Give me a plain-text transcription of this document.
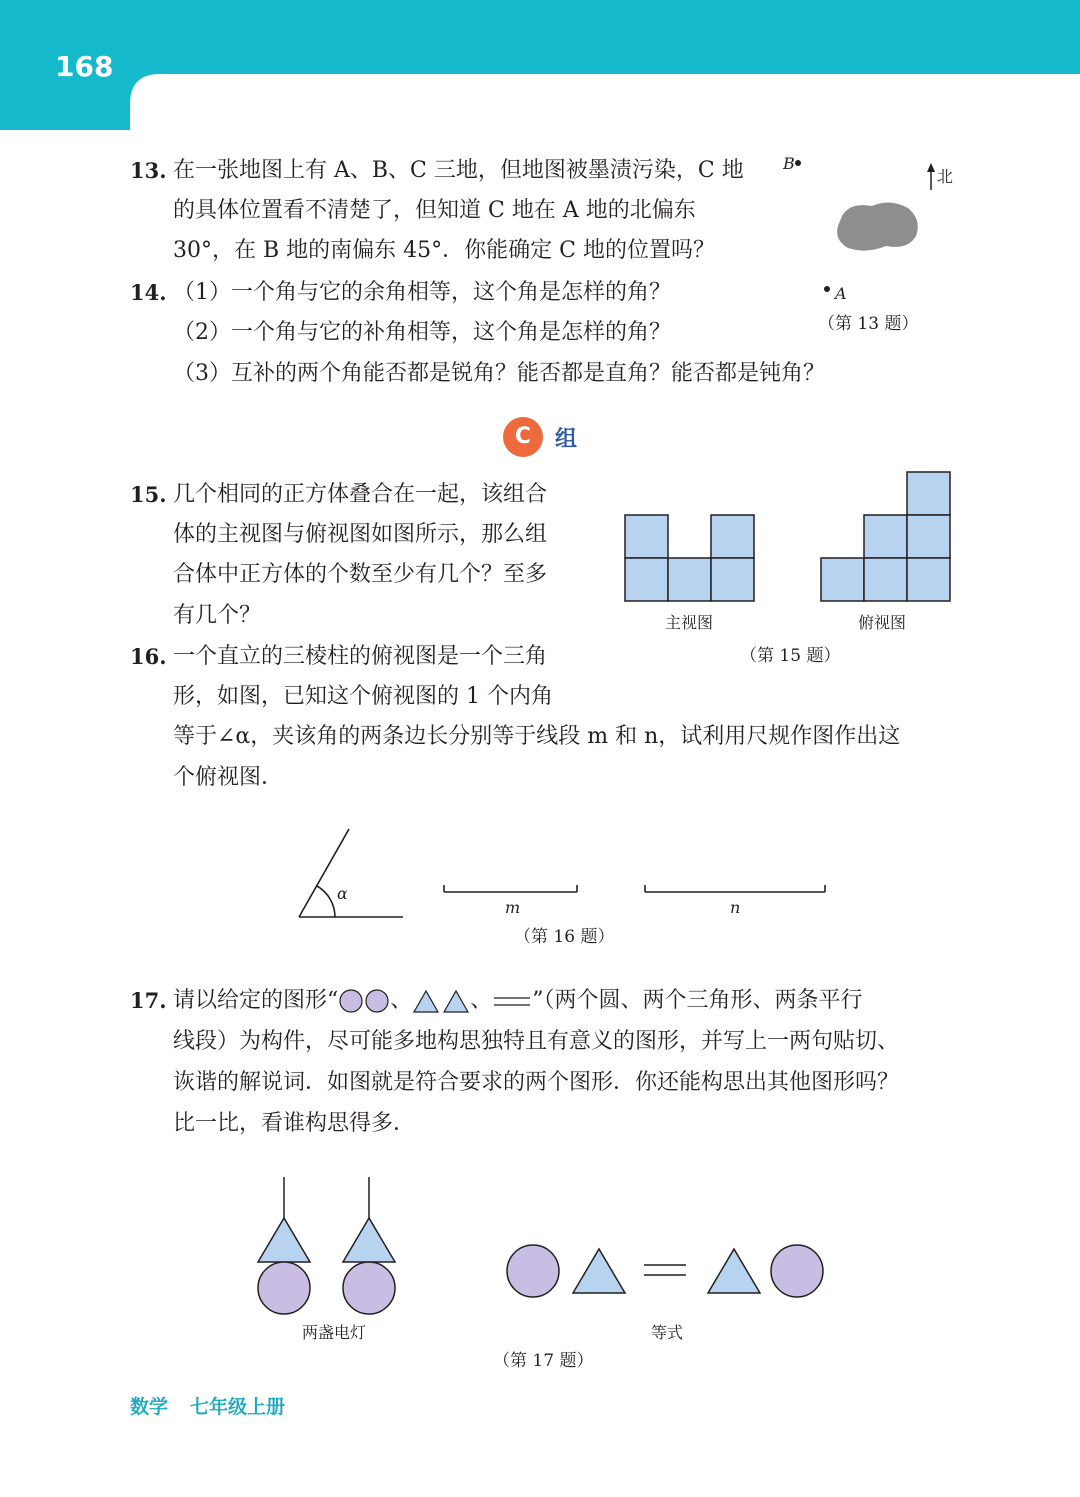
168
13. 在一张地图上有 A、B、C 三地，但地图被墨渍污染，C 地
的具体位置看不清楚了，但知道 C 地在 A 地的北偏东
30°，在 B 地的南偏东 45°．你能确定 C 地的位置吗？
B
北
A
（第 13 题）
14. （1）一个角与它的余角相等，这个角是怎样的角？
（2）一个角与它的补角相等，这个角是怎样的角？
（3）互补的两个角能否都是锐角？能否都是直角？能否都是钝角？
C	组
15. 几个相同的正方体叠合在一起，该组合
体的主视图与俯视图如图所示，那么组
合体中正方体的个数至少有几个？至多
有几个？	主视图	俯视图
（第 15 题）
16. 一个直立的三棱柱的俯视图是一个三角
形，如图，已知这个俯视图的 1 个内角
等于∠α，夹该角的两条边长分别等于线段 m 和 n，试利用尺规作图作出这
个俯视图．
α
m	n
（第 16 题）
17. 请以给定的图形“ 、	、 ”（两个圆、两个三角形、两条平行
线段）为构件，尽可能多地构思独特且有意义的图形，并写上一两句贴切、
诙谐的解说词．如图就是符合要求的两个图形．你还能构思出其他图形吗？
比一比，看谁构思得多．
两盏电灯	等式
（第 17 题）
数学 七年级上册
